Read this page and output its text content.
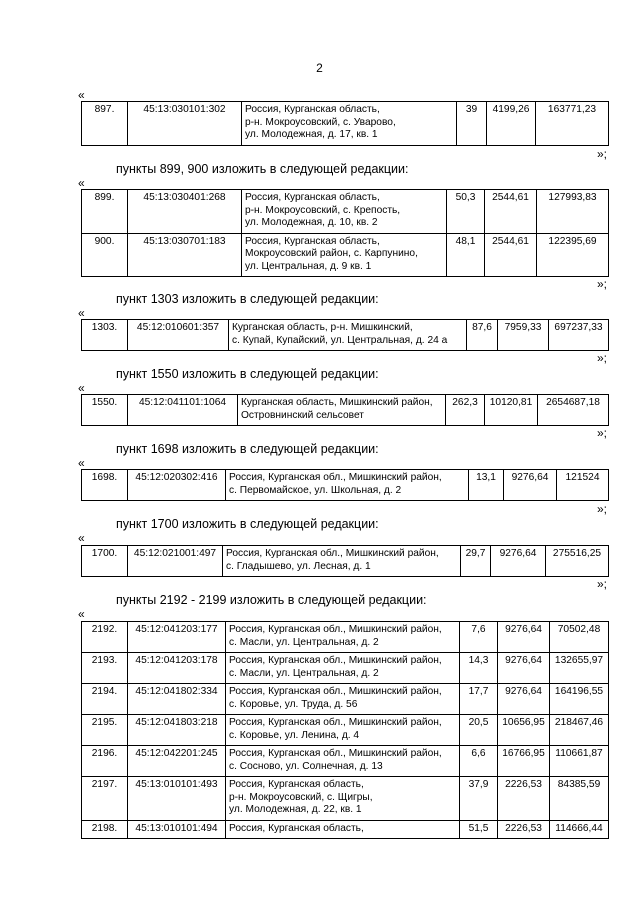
2
«
897.	45:13:030101:302	Россия, Курганская область,
р-н. Мокроусовский, с. Уварово,
ул. Молодежная, д. 17, кв. 1
	39	4199,26	163771,23
»;
пункты 899, 900 изложить в следующей редакции:
«
899.	45:13:030401:268	Россия, Курганская область,
р-н. Мокроусовский, с. Крепость,
ул. Молодежная, д. 10, кв. 2	50,3	2544,61	127993,83
900.	45:13:030701:183	Россия, Курганская область,
Мокроусовский район, с. Карпунино,
ул. Центральная, д. 9 кв. 1	48,1	2544,61	122395,69
»;
пункт 1303 изложить в следующей редакции:
«
1303.	45:12:010601:357	Курганская область, р-н. Мишкинский,
с. Купай, Купайский, ул. Центральная, д. 24 а
	87,6	7959,33	697237,33
»;
пункт 1550 изложить в следующей редакции:
«
1550.	45:12:041101:1064	Курганская область, Мишкинский район,
Островнинский сельсовет
	262,3	10120,81	2654687,18
»;
пункт 1698 изложить в следующей редакции:
«
1698.	45:12:020302:416	Россия, Курганская обл., Мишкинский район,
с. Первомайское, ул. Школьная, д. 2
	13,1	9276,64	121524
»;
пункт 1700 изложить в следующей редакции:
«
1700.	45:12:021001:497	Россия, Курганская обл., Мишкинский район,
с. Гладышево, ул. Лесная, д. 1
	29,7	9276,64	275516,25
»;
пункты 2192 - 2199 изложить в следующей редакции:
«
2192.	45:12:041203:177	Россия, Курганская обл., Мишкинский район,
с. Масли, ул. Центральная, д. 2	7,6	9276,64	70502,48
2193.	45:12:041203:178	Россия, Курганская обл., Мишкинский район,
с. Масли, ул. Центральная, д. 2	14,3	9276,64	132655,97
2194.	45:12:041802:334	Россия, Курганская обл., Мишкинский район,
с. Коровье, ул. Труда, д. 56	17,7	9276,64	164196,55
2195.	45:12:041803:218	Россия, Курганская обл., Мишкинский район,
с. Коровье, ул. Ленина, д. 4	20,5	10656,95	218467,46
2196.	45:12:042201:245	Россия, Курганская обл., Мишкинский район,
с. Сосново, ул. Солнечная, д. 13	6,6	16766,95	110661,87
2197.	45:13:010101:493	Россия, Курганская область,
р-н. Мокроусовский, с. Щигры,
ул. Молодежная, д. 22, кв. 1	37,9	2226,53	84385,59
2198.	45:13:010101:494	Россия, Курганская область,	51,5	2226,53	114666,44
